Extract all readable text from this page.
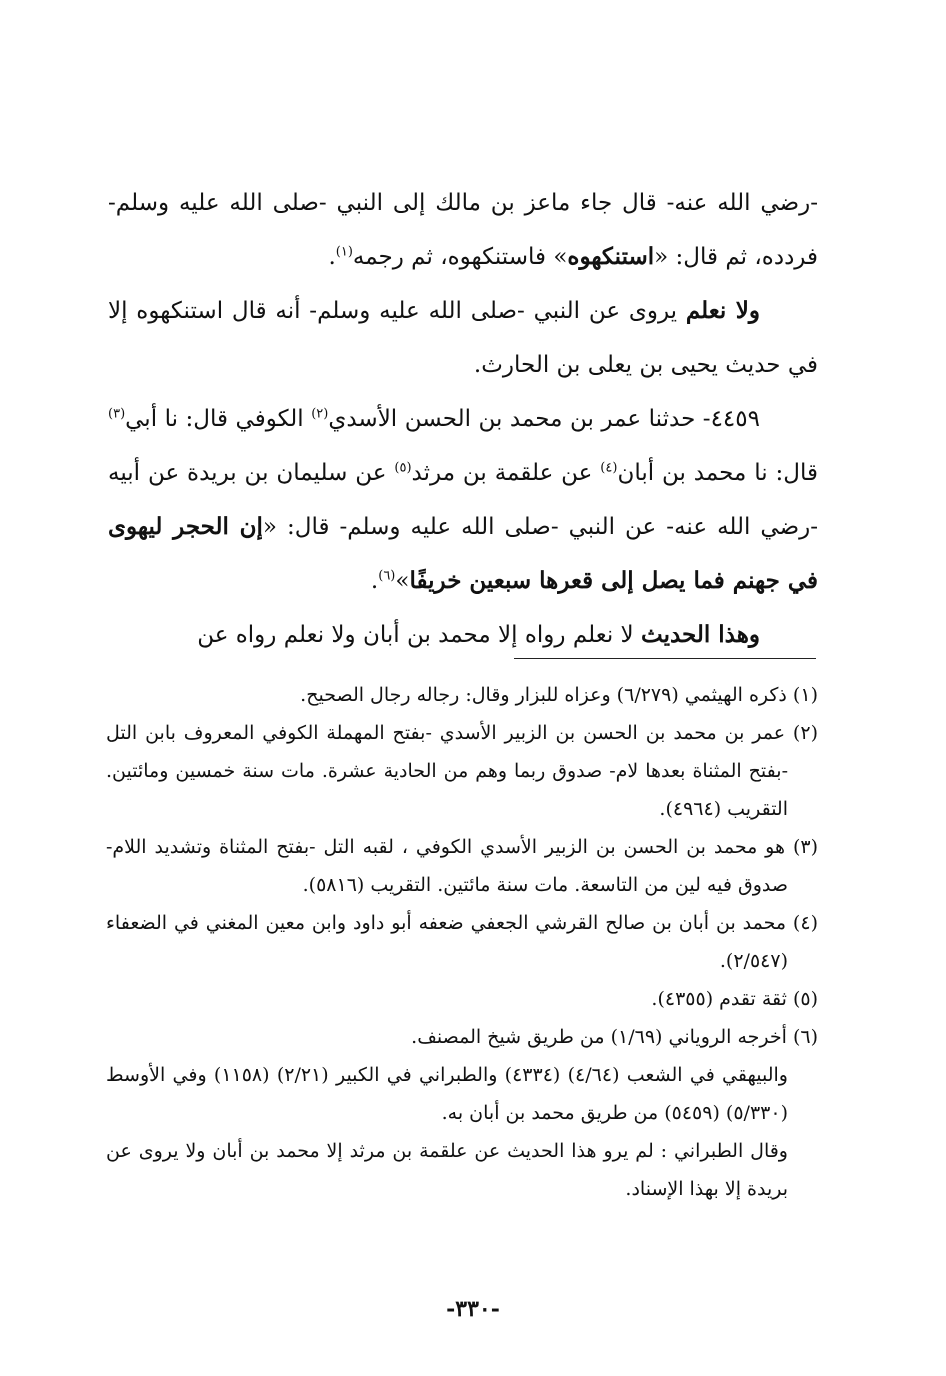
-رضي الله عنه- قال جاء ماعز بن مالك إلى النبي -صلى الله عليه وسلم- فردده، ثم قال: «استنكهوه» فاستنكهوه، ثم رجمه$^{(١)}$.

ولا نعلم يروى عن النبي -صلى الله عليه وسلم- أنه قال استنكهوه إلا في حديث يحيى بن يعلى بن الحارث.

٤٤٥٩- حدثنا عمر بن محمد بن الحسن الأسدي$^{(٢)}$ الكوفي قال: نا أبي$^{(٣)}$ قال: نا محمد بن أبان$^{(٤)}$ عن علقمة بن مرثد$^{(٥)}$ عن سليمان بن بريدة عن أبيه -رضي الله عنه- عن النبي -صلى الله عليه وسلم- قال: «إن الحجر ليهوى في جهنم فما يصل إلى قعرها سبعين خريفًا»$^{(٦)}$.

وهذا الحديث لا نعلم رواه إلا محمد بن أبان ولا نعلم رواه عن

(١) ذكره الهيثمي (٦/٢٧٩) وعزاه للبزار وقال: رجاله رجال الصحيح.

(٢) عمر بن محمد بن الحسن بن الزبير الأسدي -بفتح المهملة الكوفي المعروف بابن التل -بفتح المثناة بعدها لام- صدوق ربما وهم من الحادية عشرة. مات سنة خمسين ومائتين. التقريب (٤٩٦٤).

(٣) هو محمد بن الحسن بن الزبير الأسدي الكوفي ، لقبه التل -بفتح المثناة وتشديد اللام- صدوق فيه لين من التاسعة. مات سنة مائتين. التقريب (٥٨١٦).

(٤) محمد بن أبان بن صالح القرشي الجعفي ضعفه أبو داود وابن معين المغني في الضعفاء (٢/٥٤٧).

(٥) ثقة تقدم (٤٣٥٥).

(٦) أخرجه الروياني (١/٦٩) من طريق شيخ المصنف.

والبيهقي في الشعب (٤/٦٤) (٤٣٣٤) والطبراني في الكبير (٢/٢١) (١١٥٨) وفي الأوسط (٥/٣٣٠) (٥٤٥٩) من طريق محمد بن أبان به.

وقال الطبراني : لم يرو هذا الحديث عن علقمة بن مرثد إلا محمد بن أبان ولا يروى عن بريدة إلا بهذا الإسناد.

-٣٣٠-
